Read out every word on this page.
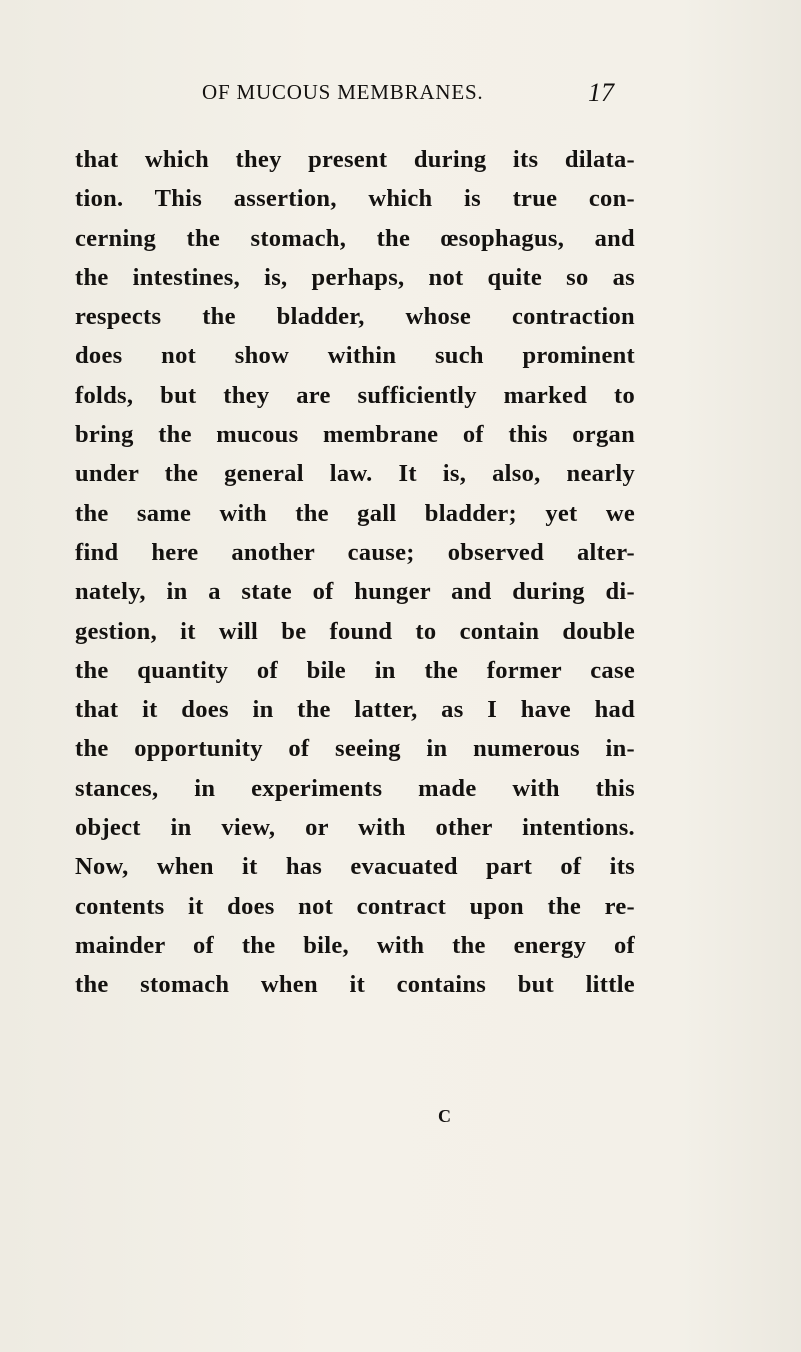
OF MUCOUS MEMBRANES.	17
that which they present during its dilata-
tion. This assertion, which is true con-
cerning the stomach, the œsophagus, and
the intestines, is, perhaps, not quite so as
respects the bladder, whose contraction
does not show within such prominent
folds, but they are sufficiently marked to
bring the mucous membrane of this organ
under the general law. It is, also, nearly
the same with the gall bladder; yet we
find here another cause; observed alter-
nately, in a state of hunger and during di-
gestion, it will be found to contain double
the quantity of bile in the former case
that it does in the latter, as I have had
the opportunity of seeing in numerous in-
stances, in experiments made with this
object in view, or with other intentions.
Now, when it has evacuated part of its
contents it does not contract upon the re-
mainder of the bile, with the energy of
the stomach when it contains but little
C
